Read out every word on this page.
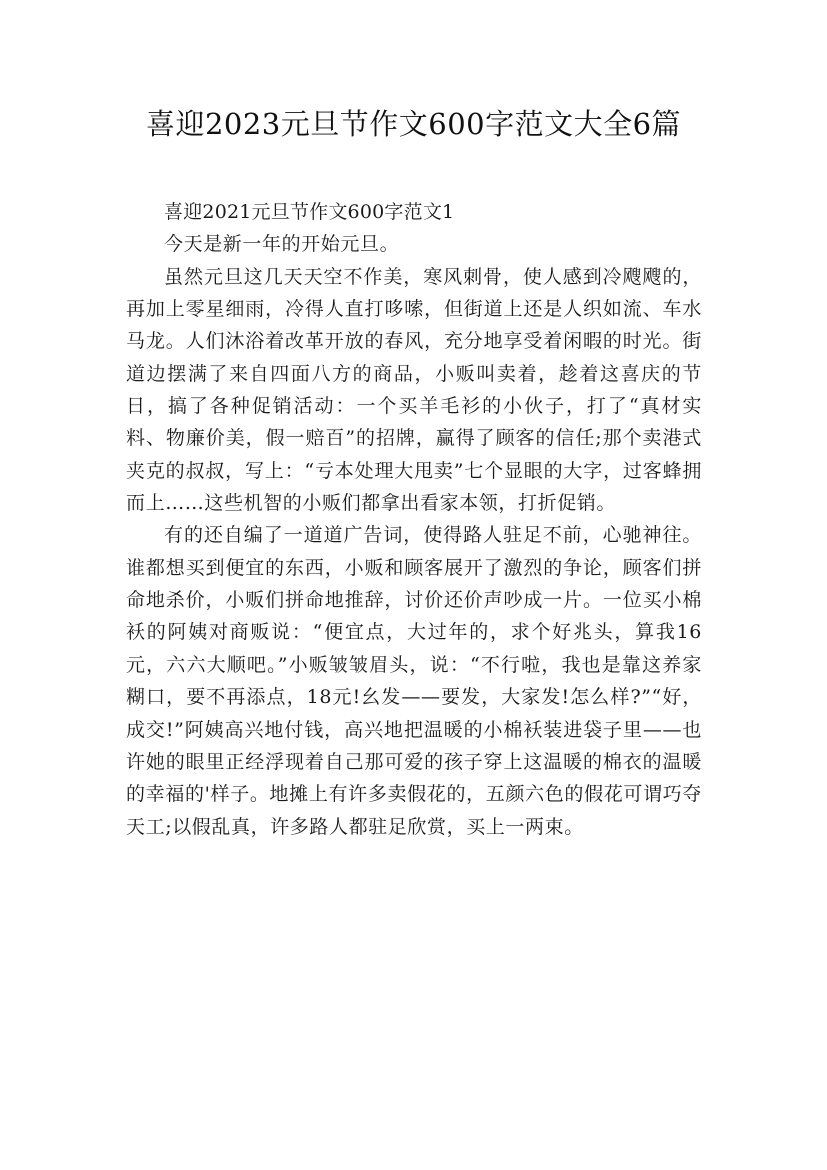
喜迎2023元旦节作文600字范文大全6篇

喜迎2021元旦节作文600字范文1

今天是新一年的开始元旦。

虽然元旦这几天天空不作美，寒风刺骨，使人感到冷飕飕的，再加上零星细雨，冷得人直打哆嗦，但街道上还是人织如流、车水马龙。人们沐浴着改革开放的春风，充分地享受着闲暇的时光。街道边摆满了来自四面八方的商品，小贩叫卖着，趁着这喜庆的节日，搞了各种促销活动：一个买羊毛衫的小伙子，打了“真材实料、物廉价美，假一赔百”的招牌，赢得了顾客的信任;那个卖港式夹克的叔叔，写上：“亏本处理大甩卖”七个显眼的大字，过客蜂拥而上……这些机智的小贩们都拿出看家本领，打折促销。

有的还自编了一道道广告词，使得路人驻足不前，心驰神往。谁都想买到便宜的东西，小贩和顾客展开了激烈的争论，顾客们拼命地杀价，小贩们拼命地推辞，讨价还价声吵成一片。一位买小棉袄的阿姨对商贩说：“便宜点，大过年的，求个好兆头，算我16元，六六大顺吧。”小贩皱皱眉头，说：“不行啦，我也是靠这养家糊口，要不再添点，18元!幺发——要发，大家发!怎么样?”“好，成交!”阿姨高兴地付钱，高兴地把温暖的小棉袄装进袋子里——也许她的眼里正经浮现着自己那可爱的孩子穿上这温暖的棉衣的温暖的幸福的'样子。地摊上有许多卖假花的，五颜六色的假花可谓巧夺天工;以假乱真，许多路人都驻足欣赏，买上一两束。
